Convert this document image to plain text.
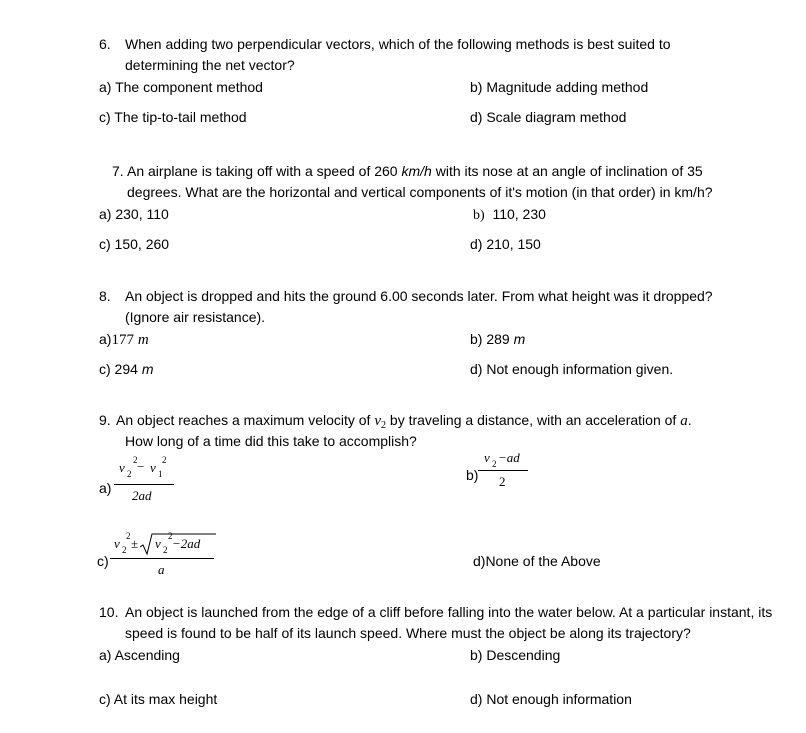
6. When adding two perpendicular vectors, which of the following methods is best suited to
determining the net vector?
a) The component method	b) Magnitude adding method
c) The tip-to-tail method	d) Scale diagram method
7. An airplane is taking off with a speed of 260 km/h with its nose at an angle of inclination of 35
degrees. What are the horizontal and vertical components of it's motion (in that order) in km/h?
a) 230, 110	b) 110, 230
c) 150, 260	d) 210, 150
8. An object is dropped and hits the ground 6.00 seconds later. From what height was it dropped?
(Ignore air resistance).
a)177 m	b) 289 m
c) 294 m	d) Not enough information given.
9. An object reaches a maximum velocity of $v_2$ by traveling a distance, with an acceleration of a.
How long of a time did this take to accomplish?
a)
v 2
2 − v 1
2
2ad
b)
v 2 −ad
2
c)
v 2
2 ± v 2
2 −2ad
a
d)None of the Above
10. An object is launched from the edge of a cliff before falling into the water below. At a particular instant, its
speed is found to be half of its launch speed. Where must the object be along its trajectory?
a) Ascending	b) Descending
c) At its max height	d) Not enough information
